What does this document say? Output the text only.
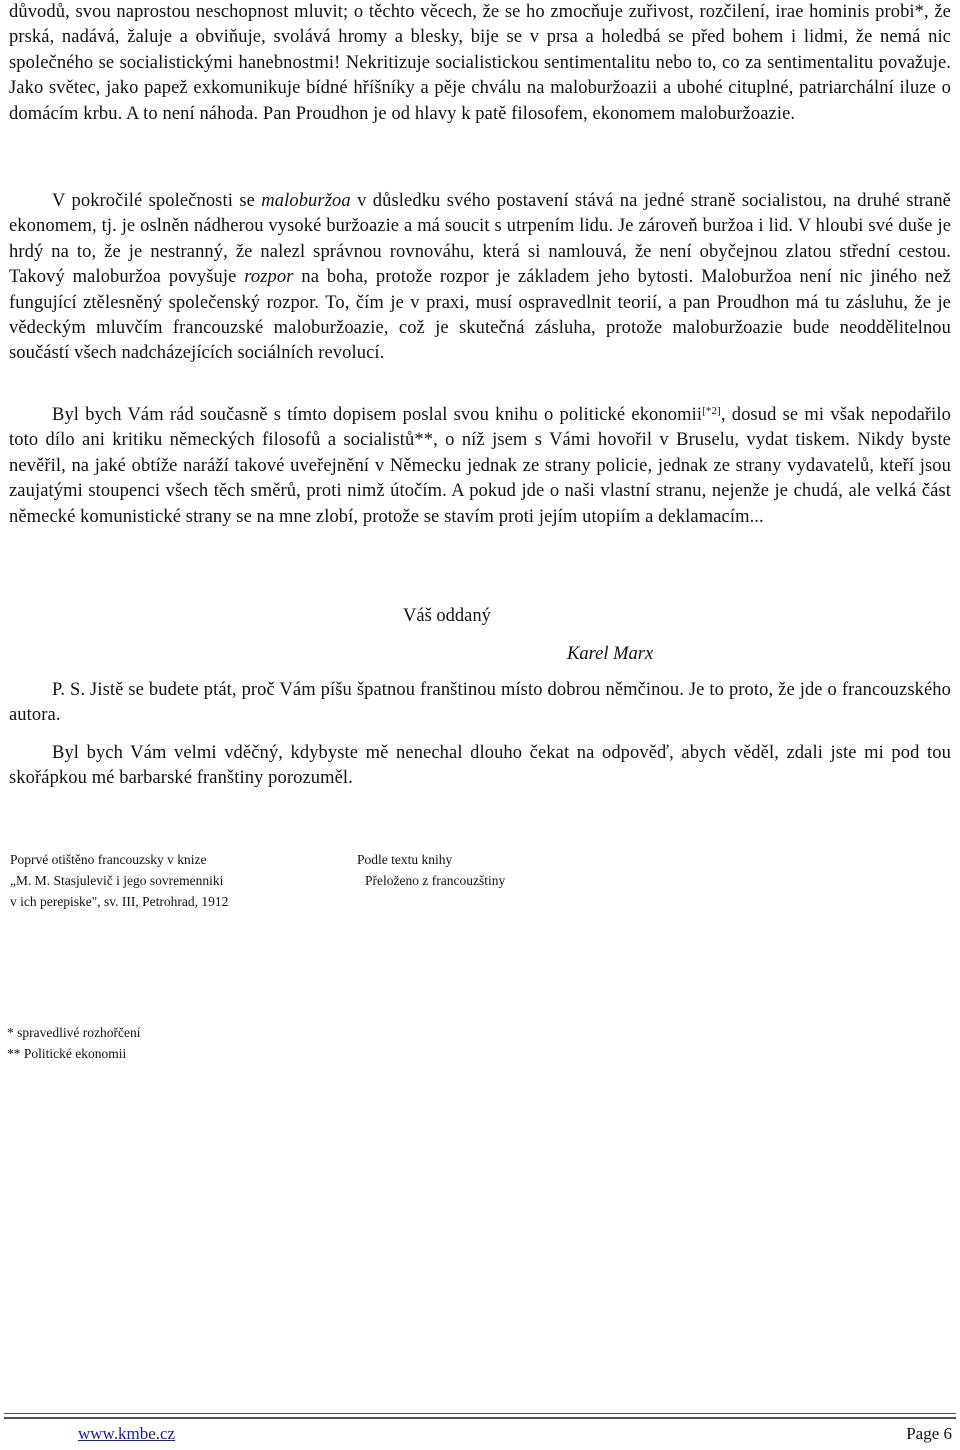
důvodů, svou naprostou neschopnost mluvit; o těchto věcech, že se ho zmocňuje zuřivost, rozčilení, irae hominis probi*, že prská, nadává, žaluje a obviňuje, svolává hromy a blesky, bije se v prsa a holedbá se před bohem i lidmi, že nemá nic společného se socialistickými hanebnostmi! Nekritizuje socialistickou sentimentalitu nebo to, co za sentimentalitu považuje. Jako světec, jako papež exkomunikuje bídné hříšníky a pěje chválu na maloburžoazii a ubohé cituplné, patriarchální iluze o domácím krbu. A to není náhoda. Pan Proudhon je od hlavy k patě filosofem, ekonomem maloburžoazie.

V pokročilé společnosti se maloburžoa v důsledku svého postavení stává na jedné straně socialistou, na druhé straně ekonomem, tj. je oslněn nádherou vysoké buržoazie a má soucit s utrpením lidu. Je zároveň buržoa i lid. V hloubi své duše je hrdý na to, že je nestranný, že nalezl správnou rovnováhu, která si namlouvá, že není obyčejnou zlatou střední cestou. Takový maloburžoa povyšuje rozpor na boha, protože rozpor je základem jeho bytosti. Maloburžoa není nic jiného než fungující ztělesněný společenský rozpor. To, čím je v praxi, musí ospravedlnit teorií, a pan Proudhon má tu zásluhu, že je vědeckým mluvčím francouzské maloburžoazie, což je skutečná zásluha, protože maloburžoazie bude neoddělitelnou součástí všech nadcházejících sociálních revolucí.

Byl bych Vám rád současně s tímto dopisem poslal svou knihu o politické ekonomii[*2], dosud se mi však nepodařilo toto dílo ani kritiku německých filosofů a socialistů**, o níž jsem s Vámi hovořil v Bruselu, vydat tiskem. Nikdy byste nevěřil, na jaké obtíže naráží takové uveřejnění v Německu jednak ze strany policie, jednak ze strany vydavatelů, kteří jsou zaujatými stoupenci všech těch směrů, proti nimž útočím. A pokud jde o naši vlastní stranu, nejenže je chudá, ale velká část německé komunistické strany se na mne zlobí, protože se stavím proti jejím utopiím a deklamacím...

Váš oddaný
Karel Marx

P. S. Jistě se budete ptát, proč Vám píšu špatnou franštinou místo dobrou němčinou. Je to proto, že jde o francouzského autora.

Byl bych Vám velmi vděčný, kdybyste mě nenechal dlouho čekat na odpověď, abych věděl, zdali jste mi pod tou skořápkou mé barbarské franštiny porozuměl.

Poprvé otištěno francouzsky v knize
„M. M. Stasjulevič i jego sovremenniki
v ich perepiske", sv. III, Petrohrad, 1912
Podle textu knihy
Přeloženo z francouzštiny
* spravedlivé rozhořčení
** Politické ekonomii
www.kmbe.cz	Page 6
